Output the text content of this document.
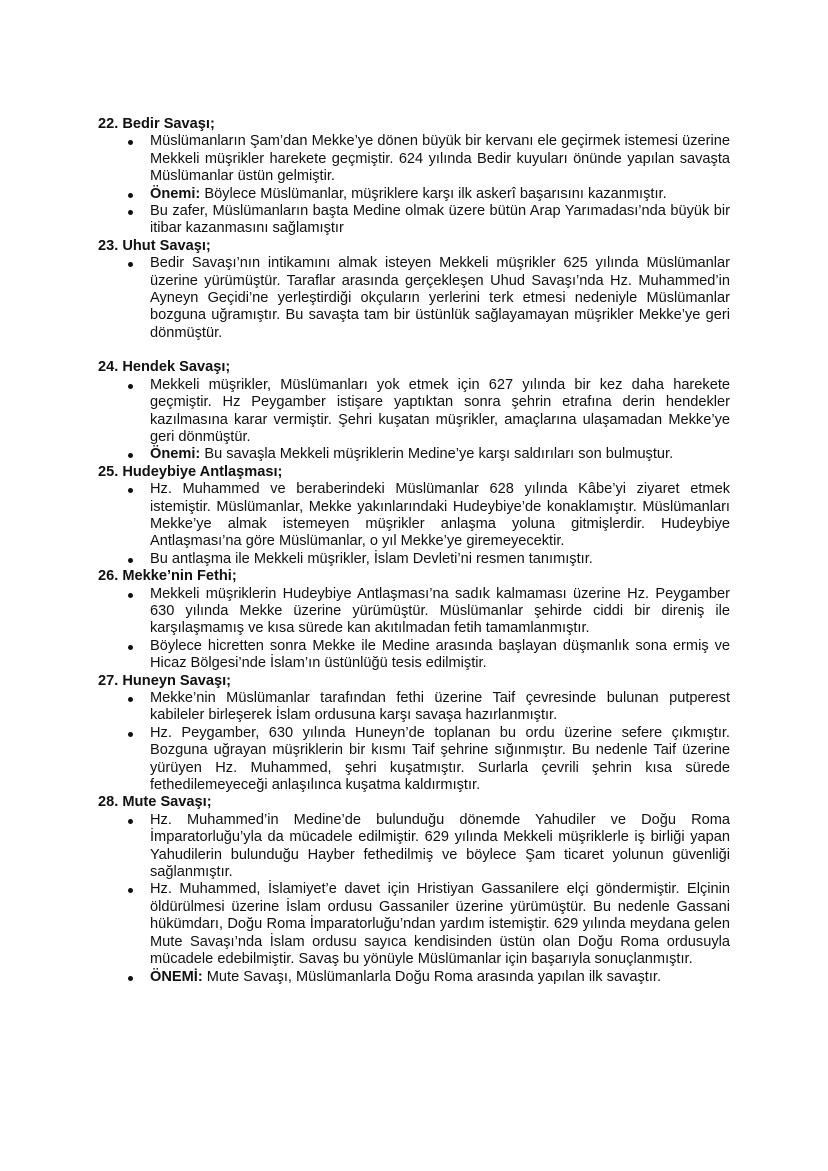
22. Bedir Savaşı;
Müslümanların Şam’dan Mekke’ye dönen büyük bir kervanı ele geçirmek istemesi üzerine Mekkeli müşrikler harekete geçmiştir. 624 yılında Bedir kuyuları önünde yapılan savaşta Müslümanlar üstün gelmiştir.
Önemi: Böylece Müslümanlar, müşriklere karşı ilk askerî başarısını kazanmıştır.
Bu zafer, Müslümanların başta Medine olmak üzere bütün Arap Yarımadası’nda büyük bir itibar kazanmasını sağlamıştır
23. Uhut Savaşı;
Bedir Savaşı’nın intikamını almak isteyen Mekkeli müşrikler 625 yılında Müslümanlar üzerine yürümüştür. Taraflar arasında gerçekleşen Uhud Savaşı’nda Hz. Muhammed’in Ayneyn Geçidi’ne yerleştirdiği okçuların yerlerini terk etmesi nedeniyle Müslümanlar bozguna uğramıştır. Bu savaşta tam bir üstünlük sağlayamayan müşrikler Mekke’ye geri dönmüştür.
24. Hendek Savaşı;
Mekkeli müşrikler, Müslümanları yok etmek için 627 yılında bir kez daha harekete geçmiştir. Hz Peygamber istişare yaptıktan sonra şehrin etrafına derin hendekler kazılmasına karar vermiştir. Şehri kuşatan müşrikler, amaçlarına ulaşamadan Mekke’ye geri dönmüştür.
Önemi: Bu savaşla Mekkeli müşriklerin Medine’ye karşı saldırıları son bulmuştur.
25. Hudeybiye Antlaşması;
Hz. Muhammed ve beraberindeki Müslümanlar 628 yılında Kâbe’yi ziyaret etmek istemiştir. Müslümanlar, Mekke yakınlarındaki Hudeybiye’de konaklamıştır. Müslümanları Mekke’ye almak istemeyen müşrikler anlaşma yoluna gitmişlerdir. Hudeybiye Antlaşması’na göre Müslümanlar, o yıl Mekke’ye giremeyecektir.
Bu antlaşma ile Mekkeli müşrikler, İslam Devleti’ni resmen tanımıştır.
26. Mekke’nin Fethi;
Mekkeli müşriklerin Hudeybiye Antlaşması’na sadık kalmaması üzerine Hz. Peygamber 630 yılında Mekke üzerine yürümüştür. Müslümanlar şehirde ciddi bir direniş ile karşılaşmamış ve kısa sürede kan akıtılmadan fetih tamamlanmıştır.
Böylece hicretten sonra Mekke ile Medine arasında başlayan düşmanlık sona ermiş ve Hicaz Bölgesi’nde İslam’ın üstünlüğü tesis edilmiştir.
27. Huneyn Savaşı;
Mekke’nin Müslümanlar tarafından fethi üzerine Taif çevresinde bulunan putperest kabileler birleşerek İslam ordusuna karşı savaşa hazırlanmıştır.
Hz. Peygamber, 630 yılında Huneyn’de toplanan bu ordu üzerine sefere çıkmıştır. Bozguna uğrayan müşriklerin bir kısmı Taif şehrine sığınmıştır. Bu nedenle Taif üzerine yürüyen Hz. Muhammed, şehri kuşatmıştır. Surlarla çevrili şehrin kısa sürede fethedilemeyeceği anlaşılınca kuşatma kaldırmıştır.
28. Mute Savaşı;
Hz. Muhammed’in Medine’de bulunduğu dönemde Yahudiler ve Doğu Roma İmparatorluğu’yla da mücadele edilmiştir. 629 yılında Mekkeli müşriklerle iş birliği yapan Yahudilerin bulunduğu Hayber fethedilmiş ve böylece Şam ticaret yolunun güvenliği sağlanmıştır.
Hz. Muhammed, İslamiyet’e davet için Hristiyan Gassanilere elçi göndermiştir. Elçinin öldürülmesi üzerine İslam ordusu Gassaniler üzerine yürümüştür. Bu nedenle Gassani hükümdarı, Doğu Roma İmparatorluğu’ndan yardım istemiştir. 629 yılında meydana gelen Mute Savaşı’nda İslam ordusu sayıca kendisinden üstün olan Doğu Roma ordusuyla mücadele edebilmiştir. Savaş bu yönüyle Müslümanlar için başarıyla sonuçlanmıştır.
ÖNEMİ: Mute Savaşı, Müslümanlarla Doğu Roma arasında yapılan ilk savaştır.
